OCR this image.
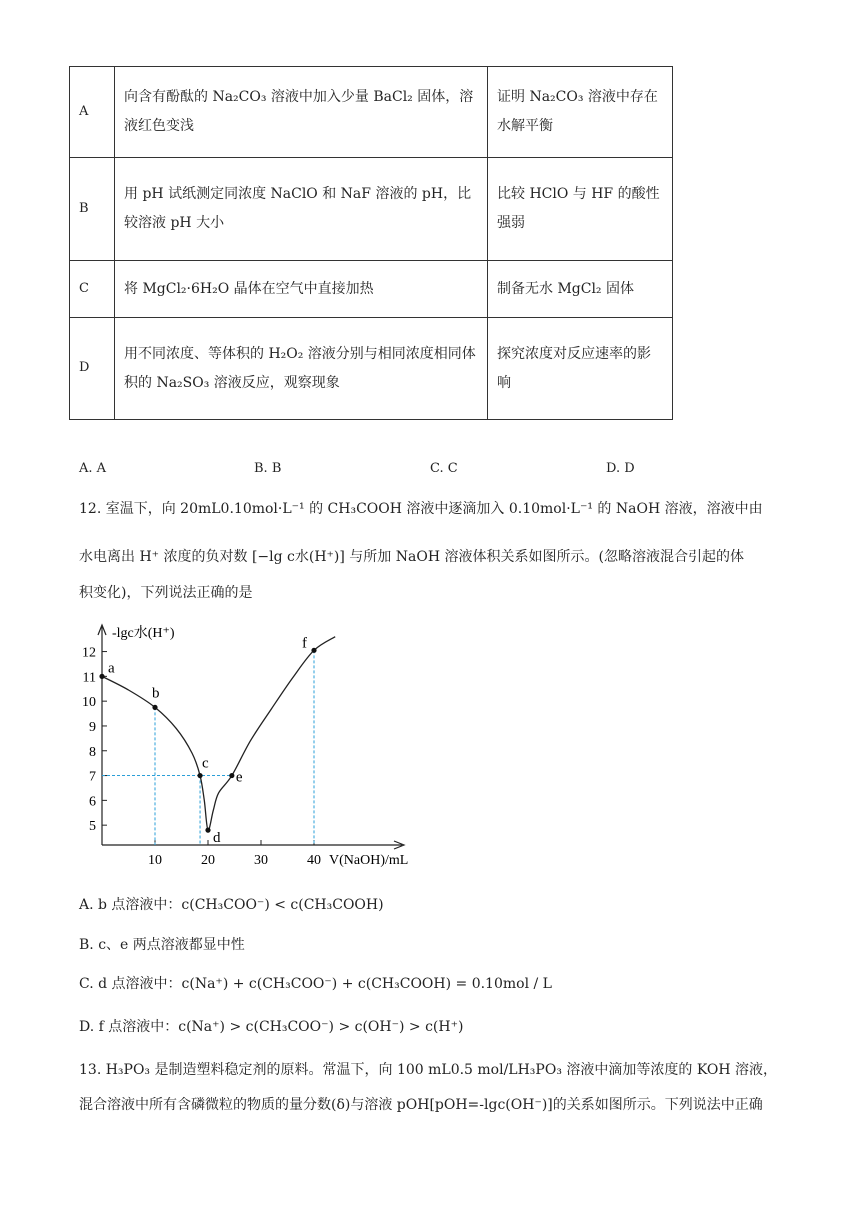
A	向含有酚酞的 Na₂CO₃ 溶液中加入少量 BaCl₂ 固体，溶液红色变浅	证明 Na₂CO₃ 溶液中存在水解平衡
B	用 pH 试纸测定同浓度 NaClO 和 NaF 溶液的 pH，比较溶液 pH 大小	比较 HClO 与 HF 的酸性强弱
C	将 MgCl₂·6H₂O 晶体在空气中直接加热	制备无水 MgCl₂ 固体
D	用不同浓度、等体积的 H₂O₂ 溶液分别与相同浓度相同体积的 Na₂SO₃ 溶液反应，观察现象	探究浓度对反应速率的影响
A. A	B. B	C. C	D. D
12. 室温下，向 20mL0.10mol·L⁻¹ 的 CH₃COOH 溶液中逐滴加入 0.10mol·L⁻¹ 的 NaOH 溶液，溶液中由
水电离出 H⁺ 浓度的负对数 [−lg c水(H⁺)] 与所加 NaOH 溶液体积关系如图所示。(忽略溶液混合引起的体
积变化)，下列说法正确的是
5
6
7
8
9
10
11
12
10	20	30	40
a
b
c
d
e
f
-lgc水(H⁺)
V(NaOH)/mL
A. b 点溶液中：c(CH₃COO⁻) < c(CH₃COOH)
B. c、e 两点溶液都显中性
C. d 点溶液中：c(Na⁺) + c(CH₃COO⁻) + c(CH₃COOH) = 0.10mol / L
D. f 点溶液中：c(Na⁺) > c(CH₃COO⁻) > c(OH⁻) > c(H⁺)
13. H₃PO₃ 是制造塑料稳定剂的原料。常温下，向 100 mL0.5 mol/LH₃PO₃ 溶液中滴加等浓度的 KOH 溶液，
混合溶液中所有含磷微粒的物质的量分数(δ)与溶液 pOH[pOH=-lgc(OH⁻)]的关系如图所示。下列说法中正确
